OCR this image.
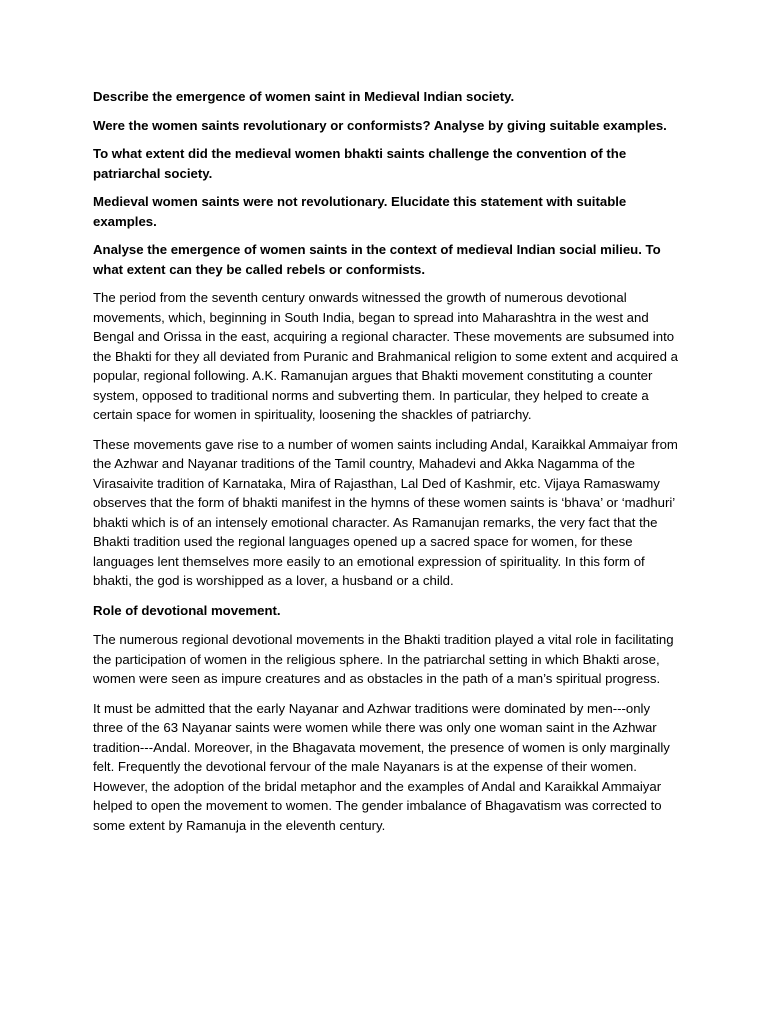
Describe the emergence of women saint in Medieval Indian society.

Were the women saints revolutionary or conformists? Analyse by giving suitable examples.

To what extent did the medieval women bhakti saints challenge the convention of the patriarchal society.

Medieval women saints were not revolutionary. Elucidate this statement with suitable examples.

Analyse the emergence of women saints in the context of medieval Indian social milieu. To what extent can they be called rebels or conformists.

The period from the seventh century onwards witnessed the growth of numerous devotional movements, which, beginning in South India, began to spread into Maharashtra in the west and Bengal and Orissa in the east, acquiring a regional character. These movements are subsumed into the Bhakti for they all deviated from Puranic and Brahmanical religion to some extent and acquired a popular, regional following. A.K. Ramanujan argues that Bhakti movement constituting a counter system, opposed to traditional norms and subverting them. In particular, they helped to create a certain space for women in spirituality, loosening the shackles of patriarchy.

These movements gave rise to a number of women saints including Andal, Karaikkal Ammaiyar from the Azhwar and Nayanar traditions of the Tamil country, Mahadevi and Akka Nagamma of the Virasaivite tradition of Karnataka, Mira of Rajasthan, Lal Ded of Kashmir, etc. Vijaya Ramaswamy observes that the form of bhakti manifest in the hymns of these women saints is ‘bhava’ or ‘madhuri’ bhakti which is of an intensely emotional character. As Ramanujan remarks, the very fact that the Bhakti tradition used the regional languages opened up a sacred space for women, for these languages lent themselves more easily to an emotional expression of spirituality. In this form of bhakti, the god is worshipped as a lover, a husband or a child.

Role of devotional movement.

The numerous regional devotional movements in the Bhakti tradition played a vital role in facilitating the participation of women in the religious sphere. In the patriarchal setting in which Bhakti arose, women were seen as impure creatures and as obstacles in the path of a man’s spiritual progress.

It must be admitted that the early Nayanar and Azhwar traditions were dominated by men---only three of the 63 Nayanar saints were women while there was only one woman saint in the Azhwar tradition---Andal. Moreover, in the Bhagavata movement, the presence of women is only marginally felt. Frequently the devotional fervour of the male Nayanars is at the expense of their women. However, the adoption of the bridal metaphor and the examples of Andal and Karaikkal Ammaiyar helped to open the movement to women. The gender imbalance of Bhagavatism was corrected to some extent by Ramanuja in the eleventh century.
